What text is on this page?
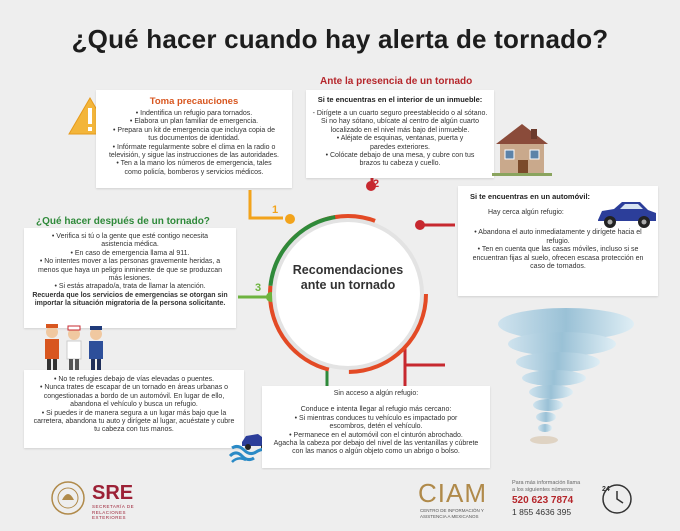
¿Qué hacer cuando hay alerta de tornado?
Recomendaciones
ante un tornado
1
2
3
Toma precauciones

• Indentifica un refugio para tornados.

• Elabora un plan familiar de emergencia.

• Prepara un kit de emergencia que incluya copia de tus documentos de identidad.

• Infórmate regularmente sobre el clima en la radio o televisión, y sigue las instrucciones de las autoridades.

• Ten a la mano los números de emergencia, tales como policía, bomberos y servicios médicos.

Ante la presencia de un tornado
Si te encuentras en el interior de un inmueble:

- Dirígete a un cuarto seguro preestablecido o al sótano. Si no hay sótano, ubícate al centro de algún cuarto localizado en el nivel más bajo del inmueble.

• Aléjate de esquinas, ventanas, puerta y paredes exteriores.

• Colócate debajo de una mesa, y cubre con tus brazos tu cabeza y cuello.

Si te encuentras en un automóvil:

Hay cerca algún refugio:

• Abandona el auto inmediatamente y dirígete hacia el refugio.

• Ten en cuenta que las casas móviles, incluso si se encuentran fijas al suelo, ofrecen escasa protección en caso de tornados.

¿Qué hacer después de un tornado?

• Verifica si tú o la gente que esté contigo necesita asistencia médica.

• En caso de emergencia llama al 911.

• No intentes mover a las personas gravemente heridas, a menos que haya un peligro inminente de que se produzcan más lesiones.

• Si estás atrapado/a, trata de llamar la atención.

Recuerda que los servicios de emergencias se otorgan sin importar la situación migratoria de la persona solicitante.

• No te refugies debajo de vías elevadas o puentes.

• Nunca trates de escapar de un tornado en áreas urbanas o congestionadas a bordo de un automóvil. En lugar de ello, abandona el vehículo y busca un refugio.

• Si puedes ir de manera segura a un lugar más bajo que la carretera, abandona tu auto y dirígete al lugar, acuéstate y cubre tu cabeza con tus manos.

Sin acceso a algún refugio:

Conduce e intenta llegar al refugio más cercano:

• Si mientras conduces tu vehículo es impactado por escombros, detén el vehículo.

• Permanece en el automóvil con el cinturón abrochado.

Agacha la cabeza por debajo del nivel de las ventanillas y cúbrete con las manos o algún objeto como un abrigo o bolso.

SRE
SECRETARÍA DE
RELACIONES
EXTERIORES
CIAM
CENTRO DE INFORMACIÓN Y
ASISTENCIA A MEXICANOS
Para más información llama
a los siguientes números
520 623 7874
1 855 4636 395
24
